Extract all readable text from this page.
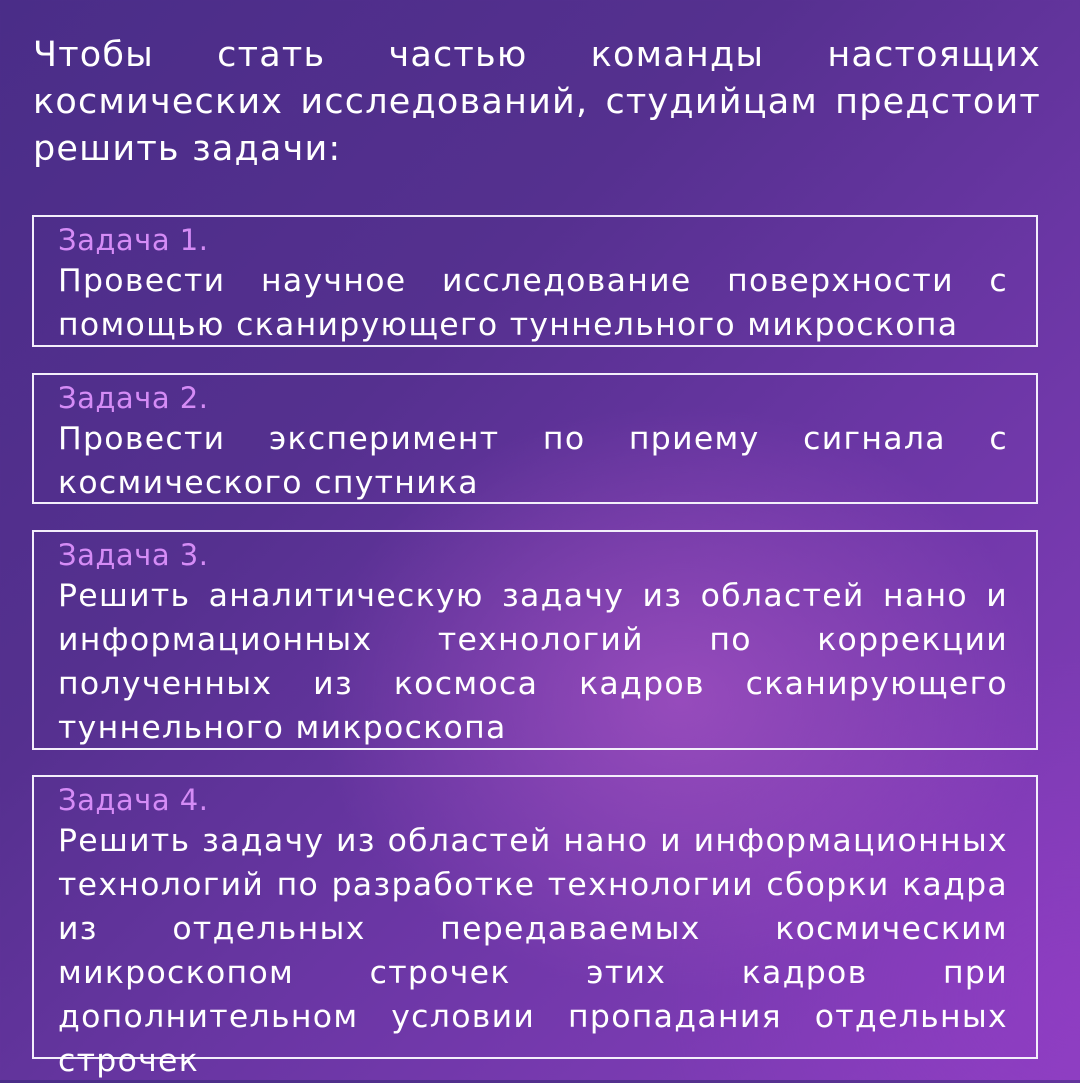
Чтобы стать частью команды настоящих космических исследований, студийцам предстоит решить задачи:

Задача 1.
Провести научное исследование поверхности с помощью сканирующего туннельного микроскопа
Задача 2.
Провести эксперимент по приему сигнала с космического спутника
Задача 3.
Решить аналитическую задачу из областей нано и информационных технологий по коррекции полученных из космоса кадров сканирующего туннельного микроскопа
Задача 4.
Решить задачу из областей нано и информационных технологий по разработке технологии сборки кадра из отдельных передаваемых космическим микроскопом строчек этих кадров при дополнительном условии пропадания отдельных строчек
